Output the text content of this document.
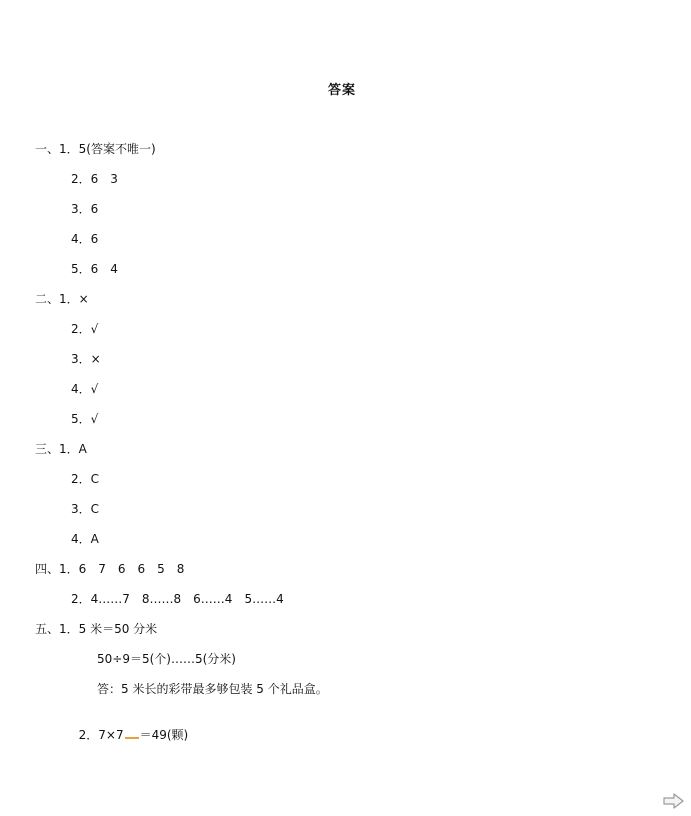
答案
一、1．5(答案不唯一)
2．6　3
3．6
4．6
5．6　4
二、1．×
2．√
3．×
4．√
5．√
三、1．A
2．C
3．C
4．A
四、1．6　7　6　6　5　8
2．4……7　8……8　6……4　5……4
五、1．5 米＝50 分米
50÷9＝5(个)……5(分米)
答：5 米长的彩带最多够包装 5 个礼品盒。

2．7×7 ＝49(颗)
